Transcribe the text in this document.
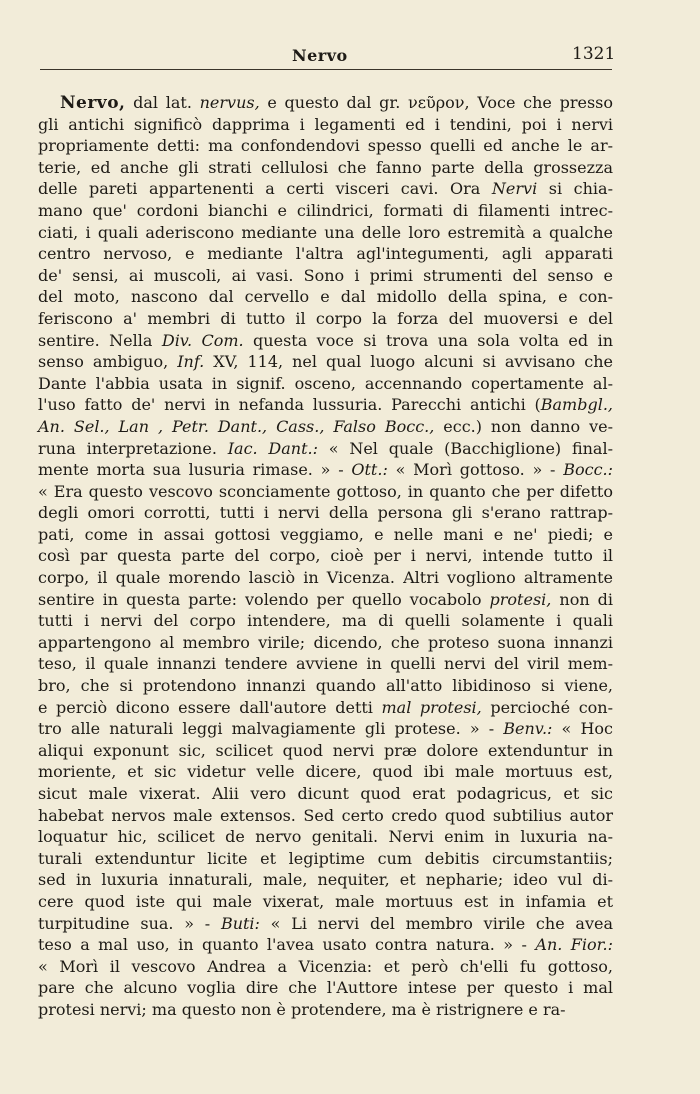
Nervo	1321
Nervo, dal lat. nervus, e questo dal gr. νεῦρον, Voce che presso
gli antichi significò dapprima i legamenti ed i tendini, poi i nervi
propriamente detti: ma confondendovi spesso quelli ed anche le ar-
terie, ed anche gli strati cellulosi che fanno parte della grossezza
delle pareti appartenenti a certi visceri cavi. Ora Nervi si chia-
mano que' cordoni bianchi e cilindrici, formati di filamenti intrec-
ciati, i quali aderiscono mediante una delle loro estremità a qualche
centro nervoso, e mediante l'altra agl'integumenti, agli apparati
de' sensi, ai muscoli, ai vasi. Sono i primi strumenti del senso e
del moto, nascono dal cervello e dal midollo della spina, e con-
feriscono a' membri di tutto il corpo la forza del muoversi e del
sentire. Nella Div. Com. questa voce si trova una sola volta ed in
senso ambiguo, Inf. XV, 114, nel qual luogo alcuni si avvisano che
Dante l'abbia usata in signif. osceno, accennando copertamente al-
l'uso fatto de' nervi in nefanda lussuria. Parecchi antichi (Bambgl.,
An. Sel., Lan , Petr. Dant., Cass., Falso Bocc., ecc.) non danno ve-
runa interpretazione. Iac. Dant.: « Nel quale (Bacchiglione) final-
mente morta sua lusuria rimase. » - Ott.: « Morì gottoso. » - Bocc.:
« Era questo vescovo sconciamente gottoso, in quanto che per difetto
degli omori corrotti, tutti i nervi della persona gli s'erano rattrap-
pati, come in assai gottosi veggiamo, e nelle mani e ne' piedi; e
così par questa parte del corpo, cioè per i nervi, intende tutto il
corpo, il quale morendo lasciò in Vicenza. Altri vogliono altramente
sentire in questa parte: volendo per quello vocabolo protesi, non di
tutti i nervi del corpo intendere, ma di quelli solamente i quali
appartengono al membro virile; dicendo, che proteso suona innanzi
teso, il quale innanzi tendere avviene in quelli nervi del viril mem-
bro, che si protendono innanzi quando all'atto libidinoso si viene,
e perciò dicono essere dall'autore detti mal protesi, percioché con-
tro alle naturali leggi malvagiamente gli protese. » - Benv.: « Hoc
aliqui exponunt sic, scilicet quod nervi præ dolore extenduntur in
moriente, et sic videtur velle dicere, quod ibi male mortuus est,
sicut male vixerat. Alii vero dicunt quod erat podagricus, et sic
habebat nervos male extensos. Sed certo credo quod subtilius autor
loquatur hic, scilicet de nervo genitali. Nervi enim in luxuria na-
turali extenduntur licite et legiptime cum debitis circumstantiis;
sed in luxuria innaturali, male, nequiter, et nepharie; ideo vul di-
cere quod iste qui male vixerat, male mortuus est in infamia et
turpitudine sua. » - Buti: « Li nervi del membro virile che avea
teso a mal uso, in quanto l'avea usato contra natura. » - An. Fior.:
« Morì il vescovo Andrea a Vicenzia: et però ch'elli fu gottoso,
pare che alcuno voglia dire che l'Auttore intese per questo i mal
protesi nervi; ma questo non è protendere, ma è ristrignere e ra-
